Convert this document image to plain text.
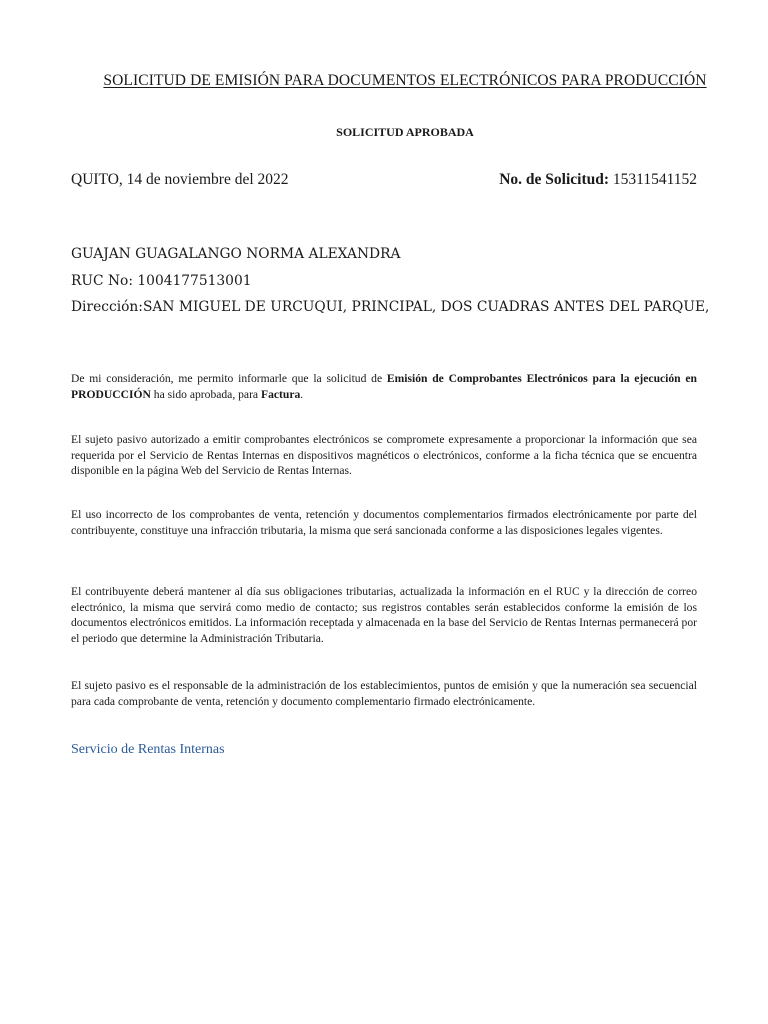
SOLICITUD DE EMISIÓN PARA DOCUMENTOS ELECTRÓNICOS PARA PRODUCCIÓN
SOLICITUD APROBADA
QUITO, 14 de noviembre del 2022	No. de Solicitud: 15311541152
GUAJAN GUAGALANGO NORMA ALEXANDRA
RUC No: 1004177513001
Dirección:SAN MIGUEL DE URCUQUI, PRINCIPAL, DOS CUADRAS ANTES DEL PARQUE,

De mi consideración, me permito informarle que la solicitud de Emisión de Comprobantes Electrónicos para la ejecución en PRODUCCIÓN ha sido aprobada, para Factura.

El sujeto pasivo autorizado a emitir comprobantes electrónicos se compromete expresamente a proporcionar la información que sea requerida por el Servicio de Rentas Internas en dispositivos magnéticos o electrónicos, conforme a la ficha técnica que se encuentra disponible en la página Web del Servicio de Rentas Internas.

El uso incorrecto de los comprobantes de venta, retención y documentos complementarios firmados electrónicamente por parte del contribuyente, constituye una infracción tributaria, la misma que será sancionada conforme a las disposiciones legales vigentes.

El contribuyente deberá mantener al día sus obligaciones tributarias, actualizada la información en el RUC y la dirección de correo electrónico, la misma que servirá como medio de contacto; sus registros contables serán establecidos conforme la emisión de los documentos electrónicos emitidos. La información receptada y almacenada en la base del Servicio de Rentas Internas permanecerá por el periodo que determine la Administración Tributaria.

El sujeto pasivo es el responsable de la administración de los establecimientos, puntos de emisión y que la numeración sea secuencial para cada comprobante de venta, retención y documento complementario firmado electrónicamente.

Servicio de Rentas Internas
